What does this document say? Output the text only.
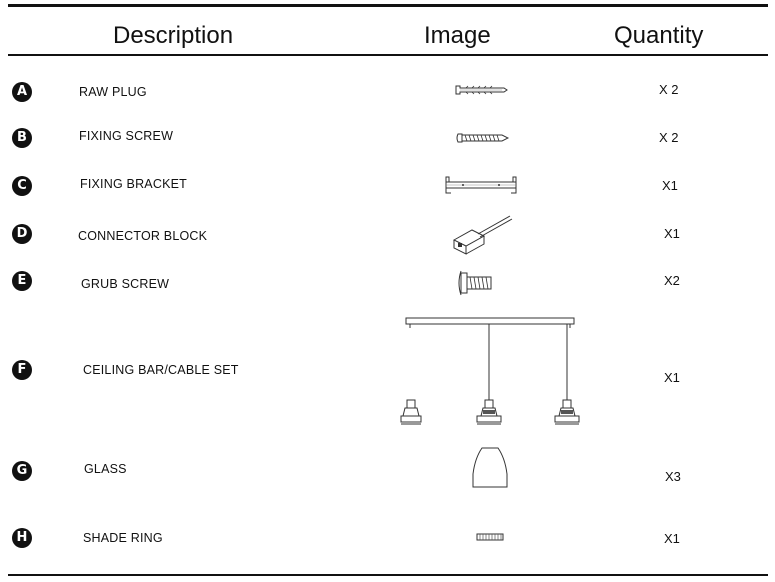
Description	Image	Quantity
A	RAW PLUG	X 2
B	FIXING SCREW	X 2
C	FIXING BRACKET	X1
D	CONNECTOR BLOCK	X1
E	GRUB SCREW	X2
F	CEILING BAR/CABLE SET	X1
G	GLASS	X3
H	SHADE RING	X1
